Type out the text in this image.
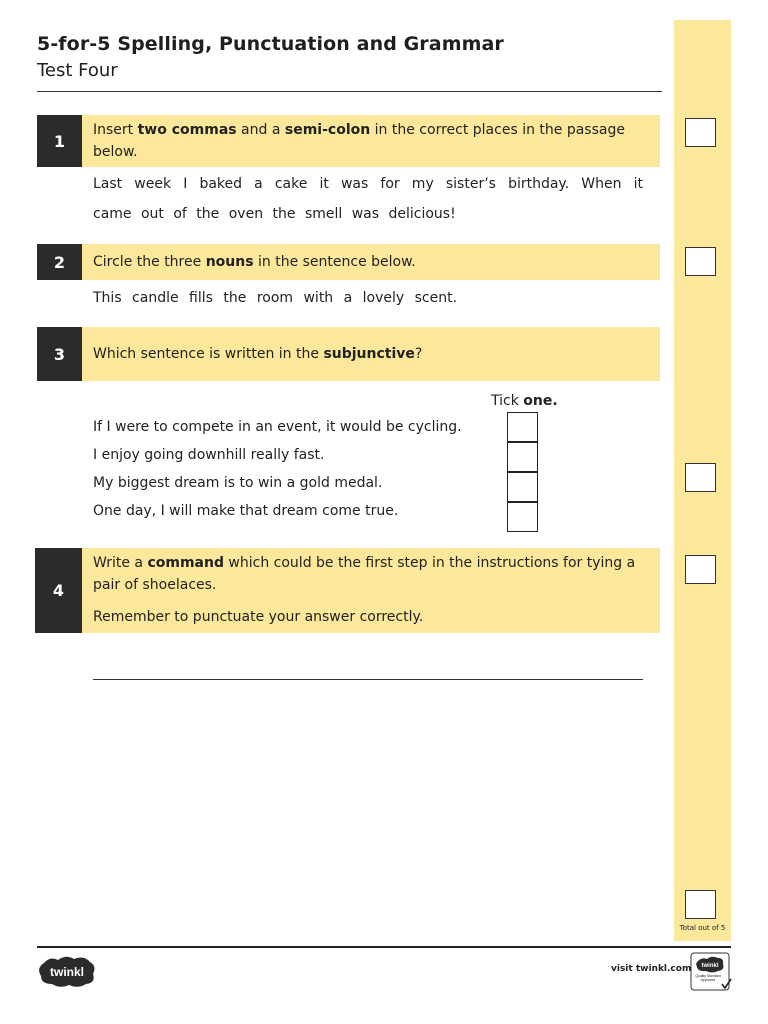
5-for-5 Spelling, Punctuation and Grammar
Test Four
Total out of 5
1
Insert two commas and a semi-colon in the correct places in the passage below.
Last week I baked a cake it was for my sister’s birthday. When it
came out of the oven the smell was delicious!
2	Circle the three nouns in the sentence below.
This candle fills the room with a lovely scent.
3	Which sentence is written in the subjunctive?
Tick one.
If I were to compete in an event, it would be cycling.
I enjoy going downhill really fast.
My biggest dream is to win a gold medal.
One day, I will make that dream come true.
4
Write a command which could be the first step in the instructions for tying a pair of shoelaces.
Remember to punctuate your answer correctly.
twinkl	visit twinkl.com twinkl
Quality Standard Approved
